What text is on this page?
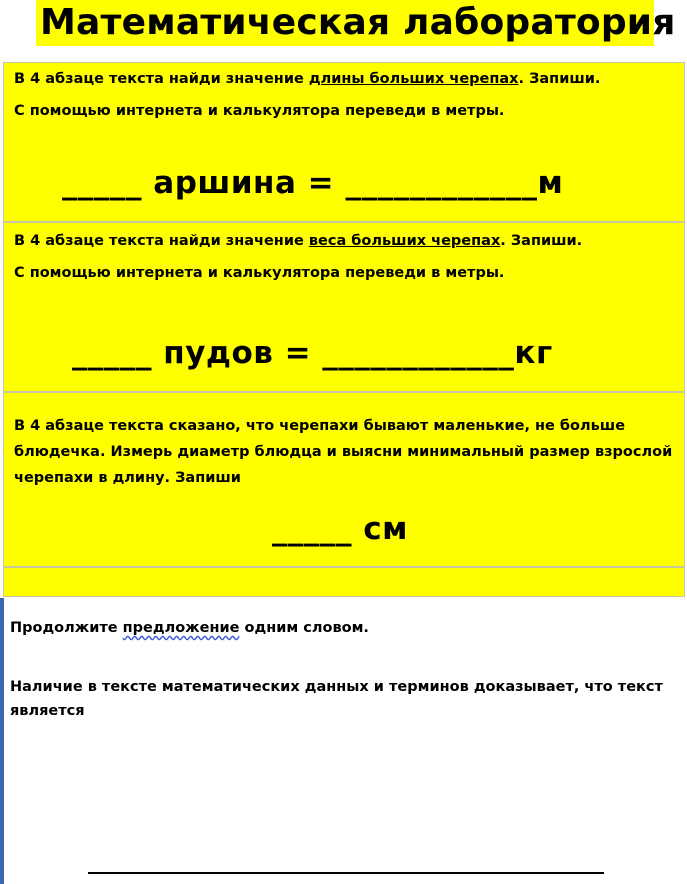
Математическая лаборатория
В 4 абзаце текста найди значение длины больших черепах. Запиши.
С помощью интернета и калькулятора переведи в метры.
_____ аршина = ____________м
В 4 абзаце текста найди значение веса больших черепах. Запиши.
С помощью интернета и калькулятора переведи в метры.
_____ пудов = ____________кг
В 4 абзаце текста сказано, что черепахи бывают маленькие, не больше блюдечка. Измерь диаметр блюдца и выясни минимальный размер взрослой черепахи в длину. Запиши
_____ см
Продолжите предложение одним словом.
Наличие в тексте математических данных и терминов доказывает, что текст является
